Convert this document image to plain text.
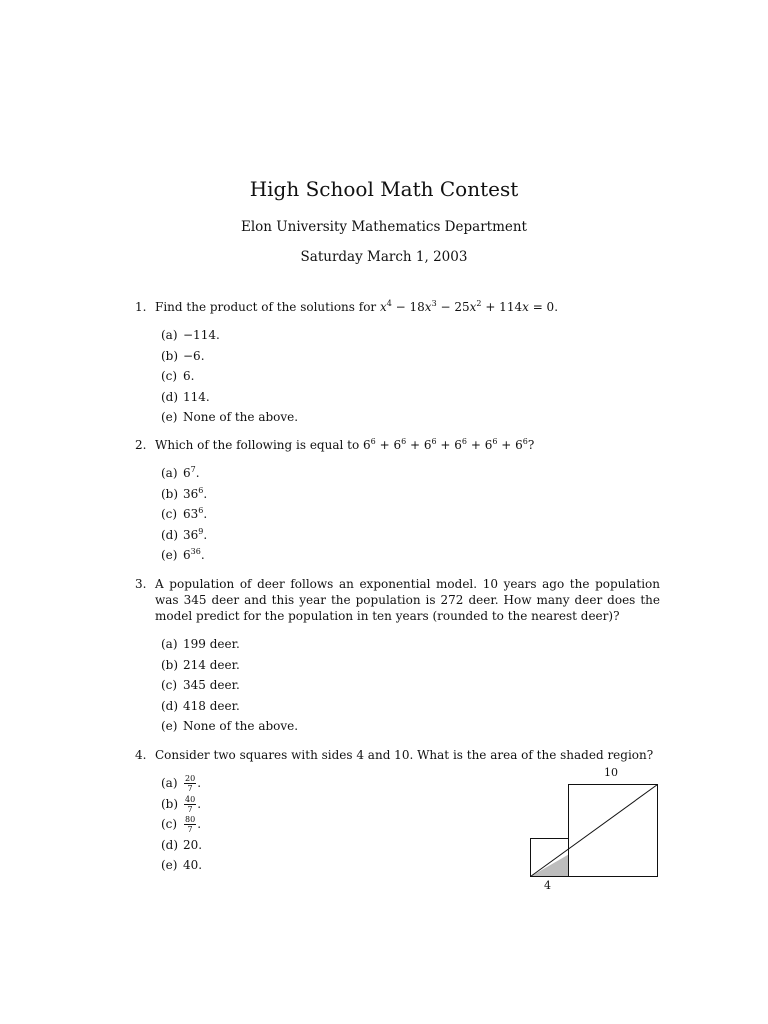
High School Math Contest
Elon University Mathematics Department
Saturday March 1, 2003
1. Find the product of the solutions for $x^4 - 18x^3 - 25x^2 + 114x = 0$.
(a) −114.
(b) −6.
(c) 6.
(d) 114.
(e) None of the above.
2. Which of the following is equal to $6^6 + 6^6 + 6^6 + 6^6 + 6^6 + 6^6$?
(a) $6^7$.
(b) $36^6$.
(c) $63^6$.
(d) $36^9$.
(e) $6^{36}$.
3. A population of deer follows an exponential model. 10 years ago the population was 345 deer and this year the population is 272 deer. How many deer does the model predict for the population in ten years (rounded to the nearest deer)?
(a) 199 deer.
(b) 214 deer.
(c) 345 deer.
(d) 418 deer.
(e) None of the above.
4. Consider two squares with sides 4 and 10. What is the area of the shaded region?
$(a) \frac{20}{7}$ .
$(b) \frac{40}{7}$ .
$(c) \frac{80}{7}$ .
(d) 20.
(e) 40.
10
4
